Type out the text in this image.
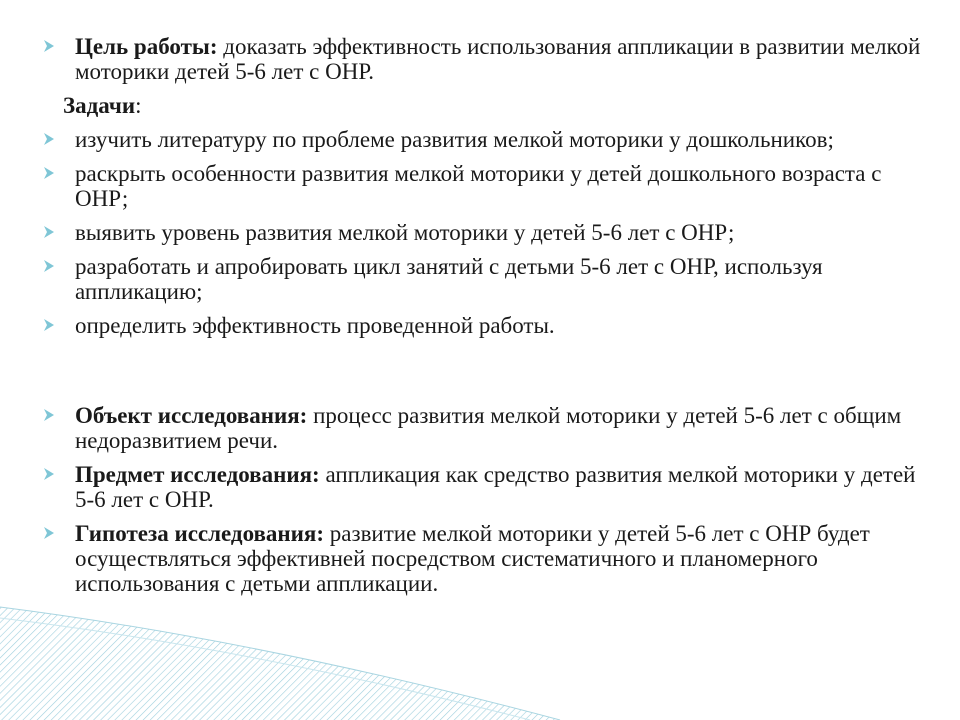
Цель работы: доказать эффективность использования аппликации в развитии мелкой моторики детей 5-6 лет с ОНР.
Задачи:
изучить литературу по проблеме развития мелкой моторики у дошкольников;
раскрыть особенности развития мелкой моторики у детей дошкольного возраста с ОНР;
выявить уровень развития мелкой моторики у детей 5-6 лет с ОНР;
разработать и апробировать цикл занятий с детьми 5-6 лет с ОНР, используя аппликацию;
определить эффективность проведенной работы.
Объект исследования: процесс развития мелкой моторики у детей 5-6 лет с общим недоразвитием речи.
Предмет исследования: аппликация как средство развития мелкой моторики у детей 5-6 лет с ОНР.
Гипотеза исследования: развитие мелкой моторики у детей 5-6 лет с ОНР будет осуществляться эффективней посредством систематичного и планомерного использования с детьми аппликации.
